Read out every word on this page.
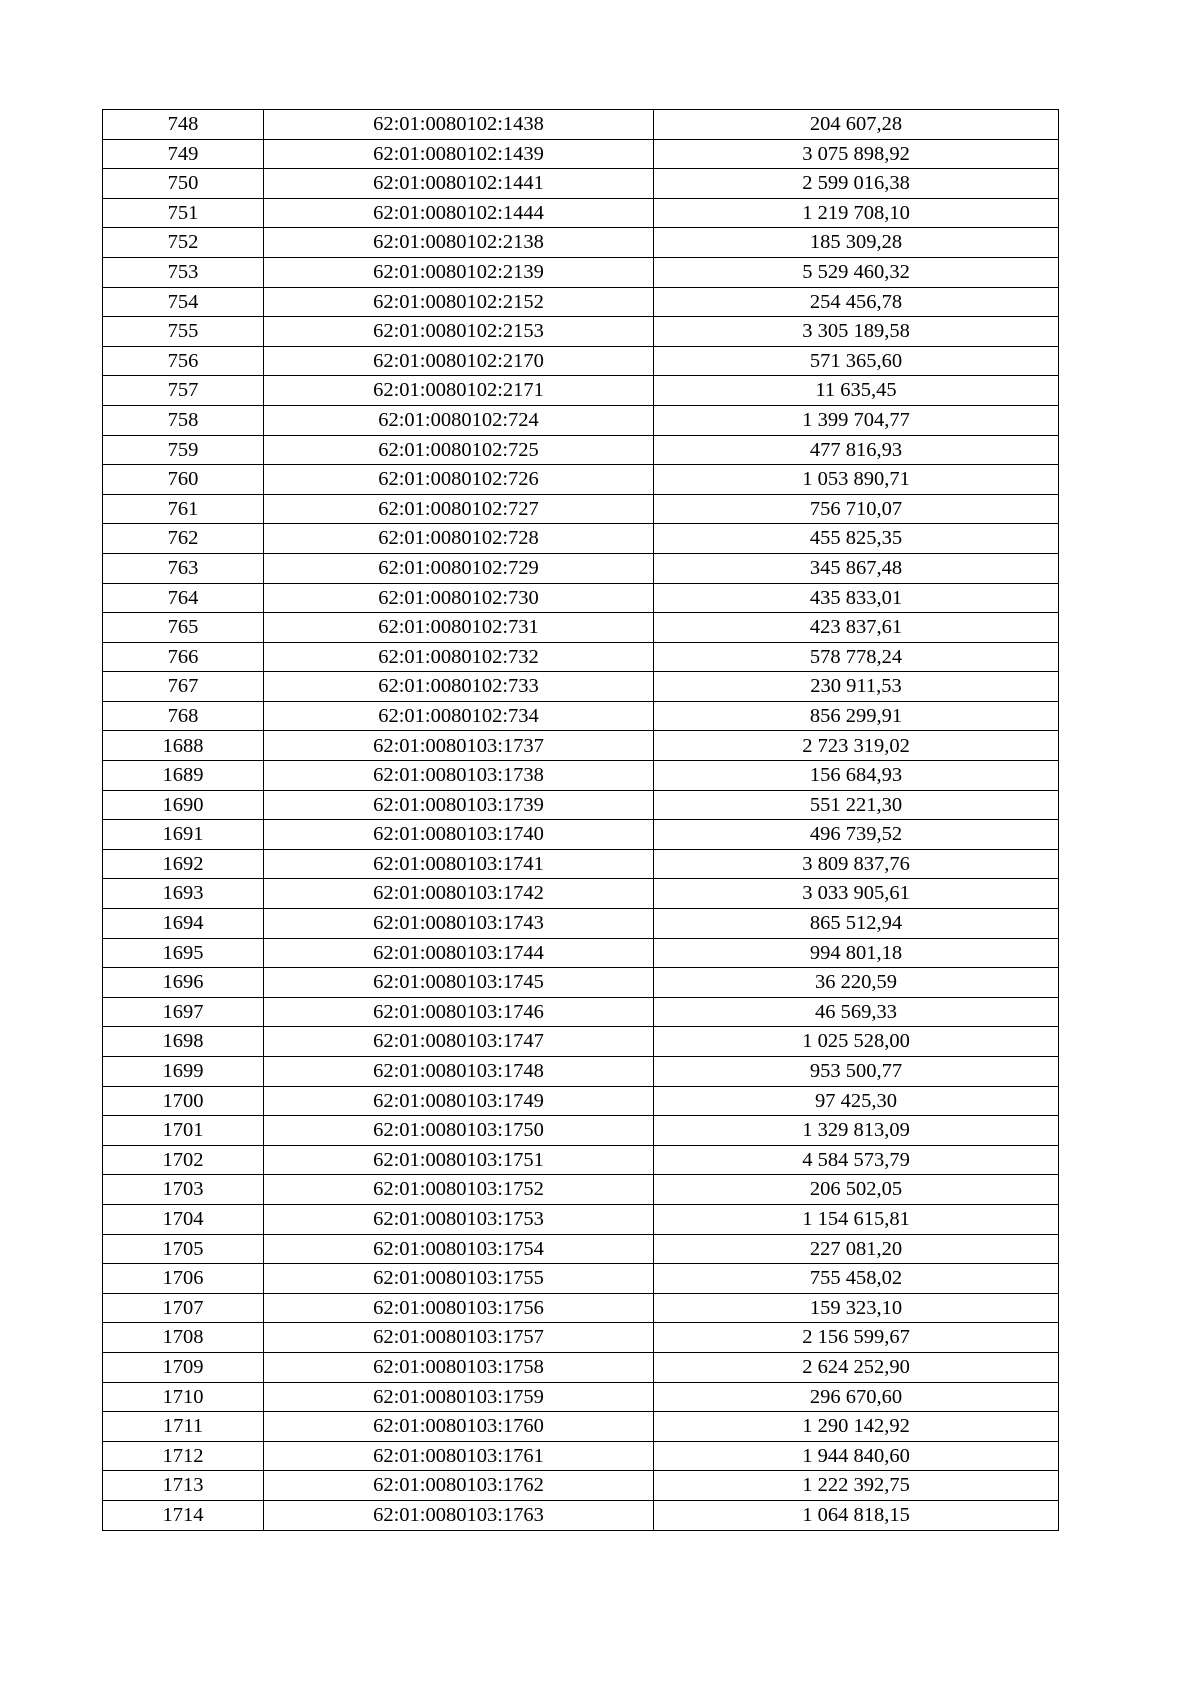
748	62:01:0080102:1438	204 607,28
749	62:01:0080102:1439	3 075 898,92
750	62:01:0080102:1441	2 599 016,38
751	62:01:0080102:1444	1 219 708,10
752	62:01:0080102:2138	185 309,28
753	62:01:0080102:2139	5 529 460,32
754	62:01:0080102:2152	254 456,78
755	62:01:0080102:2153	3 305 189,58
756	62:01:0080102:2170	571 365,60
757	62:01:0080102:2171	11 635,45
758	62:01:0080102:724	1 399 704,77
759	62:01:0080102:725	477 816,93
760	62:01:0080102:726	1 053 890,71
761	62:01:0080102:727	756 710,07
762	62:01:0080102:728	455 825,35
763	62:01:0080102:729	345 867,48
764	62:01:0080102:730	435 833,01
765	62:01:0080102:731	423 837,61
766	62:01:0080102:732	578 778,24
767	62:01:0080102:733	230 911,53
768	62:01:0080102:734	856 299,91
1688	62:01:0080103:1737	2 723 319,02
1689	62:01:0080103:1738	156 684,93
1690	62:01:0080103:1739	551 221,30
1691	62:01:0080103:1740	496 739,52
1692	62:01:0080103:1741	3 809 837,76
1693	62:01:0080103:1742	3 033 905,61
1694	62:01:0080103:1743	865 512,94
1695	62:01:0080103:1744	994 801,18
1696	62:01:0080103:1745	36 220,59
1697	62:01:0080103:1746	46 569,33
1698	62:01:0080103:1747	1 025 528,00
1699	62:01:0080103:1748	953 500,77
1700	62:01:0080103:1749	97 425,30
1701	62:01:0080103:1750	1 329 813,09
1702	62:01:0080103:1751	4 584 573,79
1703	62:01:0080103:1752	206 502,05
1704	62:01:0080103:1753	1 154 615,81
1705	62:01:0080103:1754	227 081,20
1706	62:01:0080103:1755	755 458,02
1707	62:01:0080103:1756	159 323,10
1708	62:01:0080103:1757	2 156 599,67
1709	62:01:0080103:1758	2 624 252,90
1710	62:01:0080103:1759	296 670,60
1711	62:01:0080103:1760	1 290 142,92
1712	62:01:0080103:1761	1 944 840,60
1713	62:01:0080103:1762	1 222 392,75
1714	62:01:0080103:1763	1 064 818,15
